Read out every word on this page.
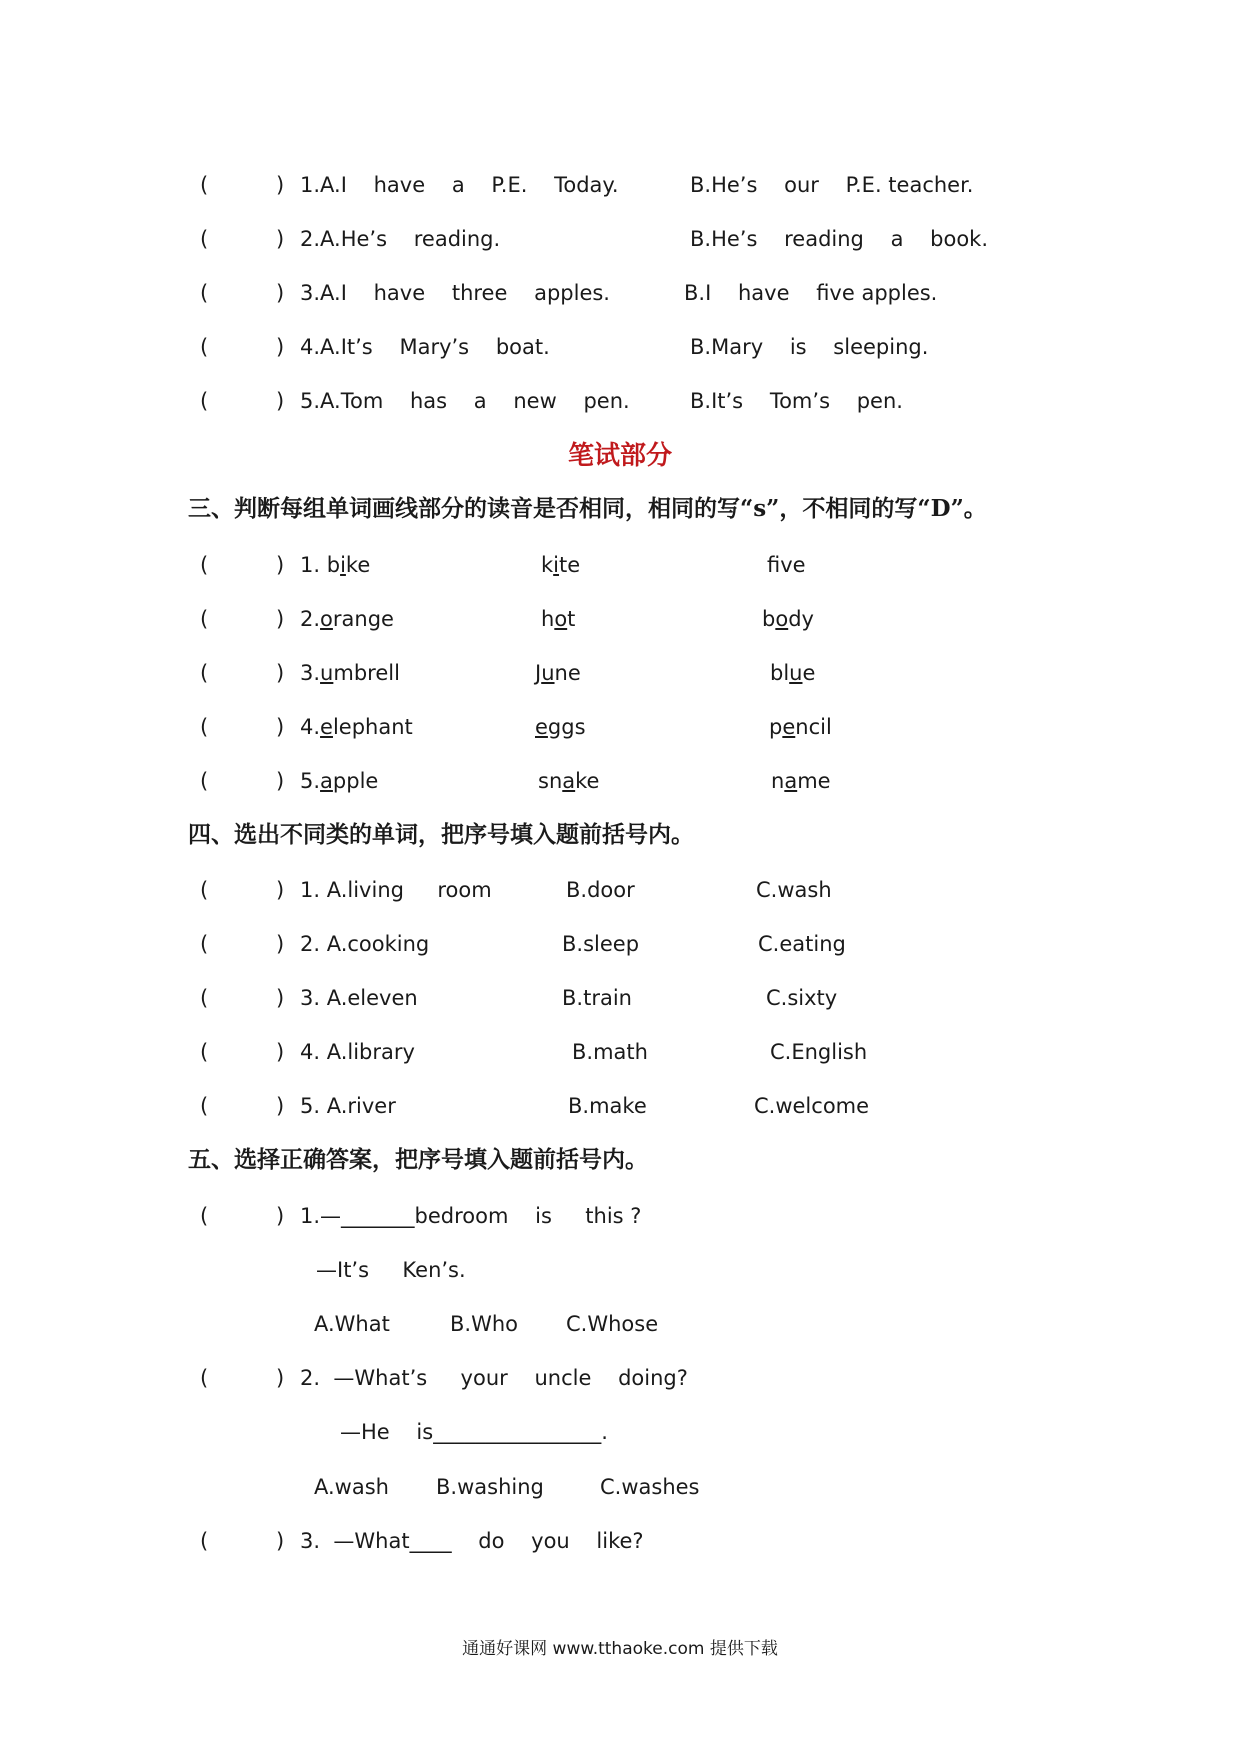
(	) 1.A.I    have    a    P.E.    Today.	B.He’s    our    P.E. teacher.
(	) 2.A.He’s    reading.	B.He’s    reading    a    book.
(	) 3.A.I    have    three    apples.	B.I    have    five apples.
(	) 4.A.It’s    Mary’s    boat.	B.Mary    is    sleeping.
(	) 5.A.Tom    has    a    new    pen.	B.It’s    Tom’s    pen.
笔试部分
三、判断每组单词画线部分的读音是否相同，相同的写“s”，不相同的写“D”。
(	) 1. bike	kite	fve
(	) 2.orange	hot	body
(	) 3.umbrell	June	blue
(	) 4.elephant	eggs	pencil
(	) 5.apple	snake	name
四、选出不同类的单词，把序号填入题前括号内。
(	) 1. A.living     room	B.door	C.wash
(	) 2. A.cooking	B.sleep	C.eating
(	) 3. A.eleven	B.train	C.sixty
(	) 4. A.library	B.math	C.English
(	) 5. A.river	B.make	C.welcome
五、选择正确答案，把序号填入题前括号内。
(	) 1.—_______bedroom    is     this ?
—It’s     Ken’s.
A.What	B.Who C.Whose
(	) 2.  —What’s     your    uncle    doing?
—He    is________________.
A.wash B.washing	C.washes
(	) 3.  —What____    do    you    like?
通通好课网 www.tthaoke.com 提供下载
